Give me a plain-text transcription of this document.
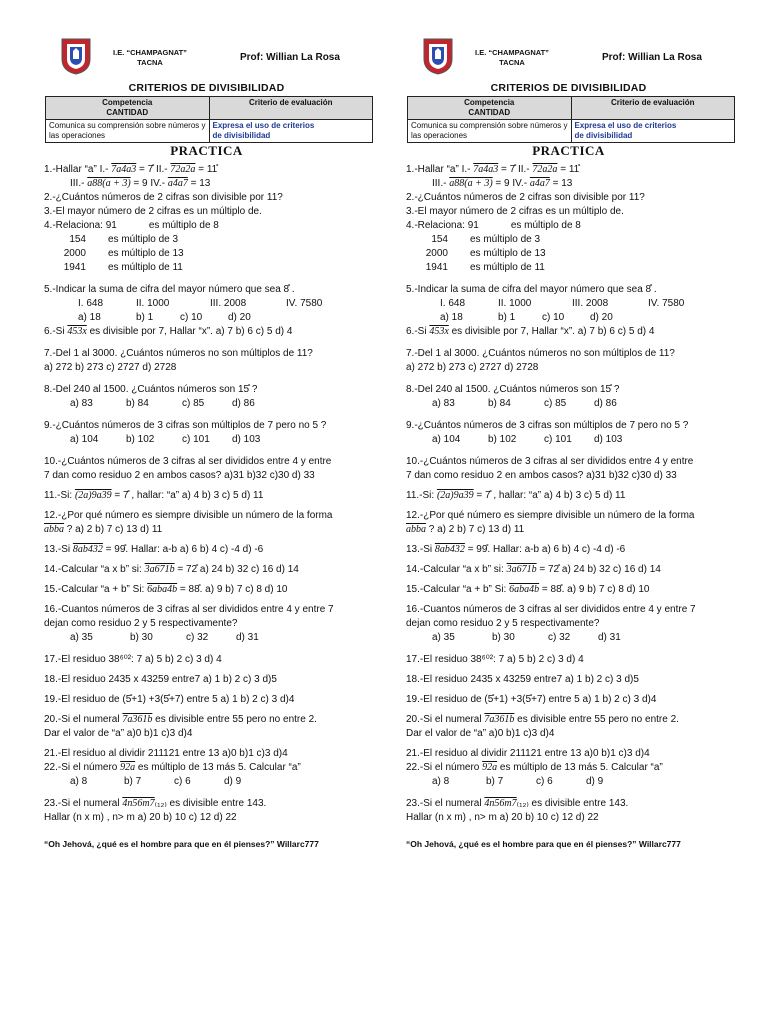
I.E. “CHAMPAGNAT”
TACNA	Prof: Willian La Rosa
CRITERIOS DE DIVISIBILIDAD
Competencia
CANTIDAD	Criterio de evaluación
Comunica su comprensión sobre números y las operaciones	Expresa el uso de criterios
de divisibilidad
PRACTICA

1.-Hallar “a” I.- 7a4a3 = 7̊ II.- 72a2a = 11̊

III.- a88(a + 3) = 9 IV.- a4a7 = 13

2.-¿Cuántos números de 2 cifras son divisible por 11?

3.-El mayor número de 2 cifras es un múltiplo de.

4.-Relaciona: 91	es múltiplo de 8

154 es múltiplo de 3

2000 es múltiplo de 13

1941 es múltiplo de 11

5.-Indicar la suma de cifra del mayor número que sea 8̊ .

I. 648	II. 1000	III. 2008	IV. 7580

a) 18	b) 1	c) 10	d) 20

6.-Si 453x es divisible por 7, Hallar “x”. a) 7 b) 6 c) 5 d) 4

7.-Del 1 al 3000. ¿Cuántos números no son múltiplos de 11?

a) 272 b) 273 c) 2727 d) 2728

8.-Del 240 al 1500. ¿Cuántos números son 15̊ ?

a) 83	b) 84	c) 85	d) 86

9.-¿Cuántos números de 3 cifras son múltiplos de 7 pero no 5 ?

a) 104	b) 102	c) 101 d) 103

10.-¿Cuántos números de 3 cifras al ser divididos entre 4 y entre

7 dan como residuo 2 en ambos casos? a)31 b)32 c)30 d) 33

11.-Si: (2a)9a39 = 7̊ , hallar: “a” a) 4 b) 3 c) 5 d) 11

12.-¿Por qué número es siempre divisible un número de la forma

abba ? a) 2 b) 7 c) 13 d) 11

13.-Si 8ab432 = 99̊. Hallar: a-b a) 6 b) 4 c) -4 d) -6

14.-Calcular “a x b” si: 3a671b = 72̊ a) 24 b) 32 c) 16 d) 14

15.-Calcular “a + b” Si: 6aba4b = 88̊. a) 9 b) 7 c) 8 d) 10

16.-Cuantos números de 3 cifras al ser divididos entre 4 y entre 7

dejan como residuo 2 y 5 respectivamente?

a) 35	b) 30	c) 32	d) 31

17.-El residuo 38⁶⁰²: 7 a) 5 b) 2 c) 3 d) 4

18.-El residuo 2435 x 43259 entre7 a) 1 b) 2 c) 3 d)5

19.-El residuo de (5̊+1) +3(5̊+7) entre 5 a) 1 b) 2 c) 3 d)4

20.-Si el numeral 7a361b es divisible entre 55 pero no entre 2.

Dar el valor de “a” a)0 b)1 c)3 d)4

21.-El residuo al dividir 211121 entre 13 a)0 b)1 c)3 d)4

22.-Si el número 92a es múltiplo de 13 más 5. Calcular “a”

a) 8	b) 7	c) 6	d) 9

23.-Si el numeral 4n56m7₍₁₂₎ es divisible entre 143.

Hallar (n x m) , n> m a) 20 b) 10 c) 12 d) 22

“Oh Jehová, ¿qué es el hombre para que en él pienses?” Willarc777
I.E. “CHAMPAGNAT”
TACNA	Prof: Willian La Rosa
CRITERIOS DE DIVISIBILIDAD
Competencia
CANTIDAD	Criterio de evaluación
Comunica su comprensión sobre números y las operaciones	Expresa el uso de criterios
de divisibilidad
PRACTICA

1.-Hallar “a” I.- 7a4a3 = 7̊ II.- 72a2a = 11̊

III.- a88(a + 3) = 9 IV.- a4a7 = 13

2.-¿Cuántos números de 2 cifras son divisible por 11?

3.-El mayor número de 2 cifras es un múltiplo de.

4.-Relaciona: 91	es múltiplo de 8

154 es múltiplo de 3

2000 es múltiplo de 13

1941 es múltiplo de 11

5.-Indicar la suma de cifra del mayor número que sea 8̊ .

I. 648	II. 1000	III. 2008	IV. 7580

a) 18	b) 1	c) 10	d) 20

6.-Si 453x es divisible por 7, Hallar “x”. a) 7 b) 6 c) 5 d) 4

7.-Del 1 al 3000. ¿Cuántos números no son múltiplos de 11?

a) 272 b) 273 c) 2727 d) 2728

8.-Del 240 al 1500. ¿Cuántos números son 15̊ ?

a) 83	b) 84	c) 85	d) 86

9.-¿Cuántos números de 3 cifras son múltiplos de 7 pero no 5 ?

a) 104	b) 102	c) 101 d) 103

10.-¿Cuántos números de 3 cifras al ser divididos entre 4 y entre

7 dan como residuo 2 en ambos casos? a)31 b)32 c)30 d) 33

11.-Si: (2a)9a39 = 7̊ , hallar: “a” a) 4 b) 3 c) 5 d) 11

12.-¿Por qué número es siempre divisible un número de la forma

abba ? a) 2 b) 7 c) 13 d) 11

13.-Si 8ab432 = 99̊. Hallar: a-b a) 6 b) 4 c) -4 d) -6

14.-Calcular “a x b” si: 3a671b = 72̊ a) 24 b) 32 c) 16 d) 14

15.-Calcular “a + b” Si: 6aba4b = 88̊. a) 9 b) 7 c) 8 d) 10

16.-Cuantos números de 3 cifras al ser divididos entre 4 y entre 7

dejan como residuo 2 y 5 respectivamente?

a) 35	b) 30	c) 32	d) 31

17.-El residuo 38⁶⁰²: 7 a) 5 b) 2 c) 3 d) 4

18.-El residuo 2435 x 43259 entre7 a) 1 b) 2 c) 3 d)5

19.-El residuo de (5̊+1) +3(5̊+7) entre 5 a) 1 b) 2 c) 3 d)4

20.-Si el numeral 7a361b es divisible entre 55 pero no entre 2.

Dar el valor de “a” a)0 b)1 c)3 d)4

21.-El residuo al dividir 211121 entre 13 a)0 b)1 c)3 d)4

22.-Si el número 92a es múltiplo de 13 más 5. Calcular “a”

a) 8	b) 7	c) 6	d) 9

23.-Si el numeral 4n56m7₍₁₂₎ es divisible entre 143.

Hallar (n x m) , n> m a) 20 b) 10 c) 12 d) 22

“Oh Jehová, ¿qué es el hombre para que en él pienses?” Willarc777
